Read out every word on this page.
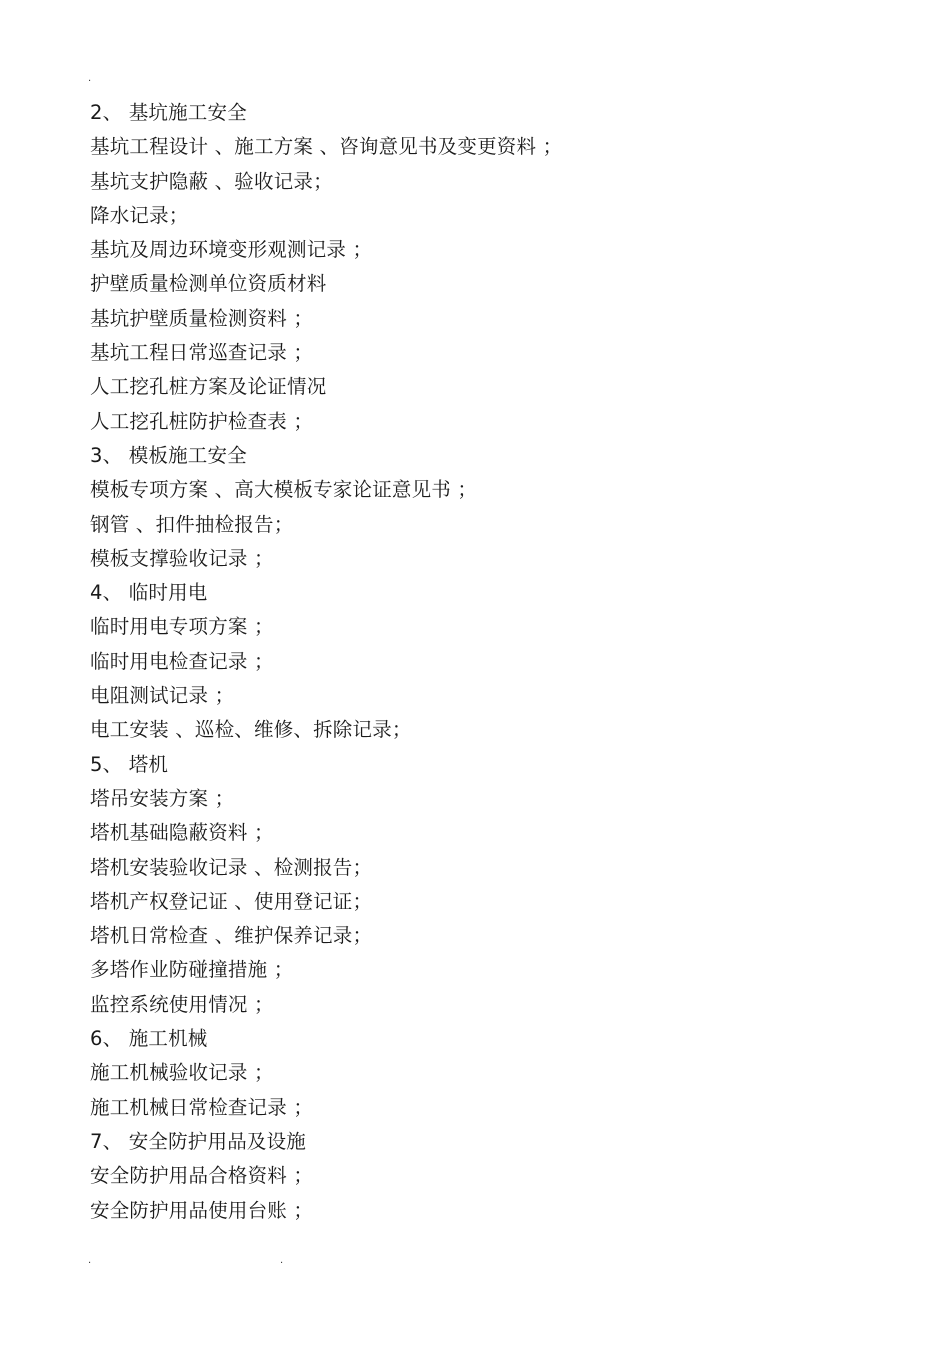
.
2、 基坑施工安全
基坑工程设计 、施工方案 、咨询意见书及变更资料 ；
基坑支护隐蔽 、验收记录；
降水记录；
基坑及周边环境变形观测记录 ；
护壁质量检测单位资质材料
基坑护壁质量检测资料 ；
基坑工程日常巡查记录 ；
人工挖孔桩方案及论证情况
人工挖孔桩防护检查表 ；
3、 模板施工安全
模板专项方案 、高大模板专家论证意见书 ；
钢管 、扣件抽检报告；
模板支撑验收记录 ；
4、 临时用电
临时用电专项方案 ；
临时用电检查记录 ；
电阻测试记录 ；
电工安装 、巡检、维修、拆除记录；
5、 塔机
塔吊安装方案 ；
塔机基础隐蔽资料 ；
塔机安装验收记录 、检测报告；
塔机产权登记证 、使用登记证；
塔机日常检查 、维护保养记录；
多塔作业防碰撞措施 ；
监控系统使用情况 ；
6、 施工机械
施工机械验收记录 ；
施工机械日常检查记录 ；
7、 安全防护用品及设施
安全防护用品合格资料 ；
安全防护用品使用台账 ；
.	.
